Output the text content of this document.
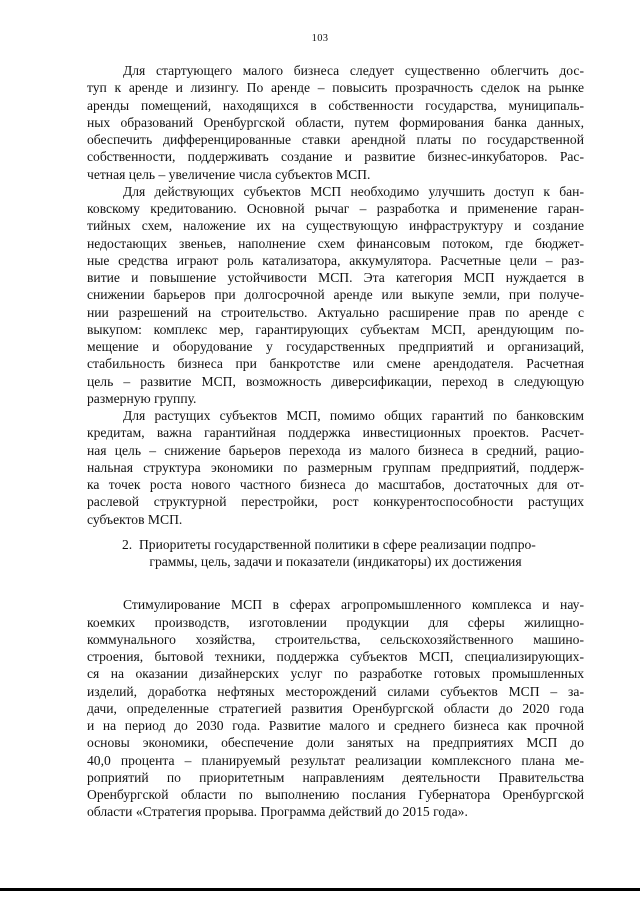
103
Для стартующего малого бизнеса следует существенно облегчить дос-
туп к аренде и лизингу. По аренде – повысить прозрачность сделок на рынке
аренды помещений, находящихся в собственности государства, муниципаль-
ных образований Оренбургской области, путем формирования банка данных,
обеспечить дифференцированные ставки арендной платы по государственной
собственности, поддерживать создание и развитие бизнес-инкубаторов. Рас-
четная цель – увеличение числа субъектов МСП.
Для действующих субъектов МСП необходимо улучшить доступ к бан-
ковскому кредитованию. Основной рычаг – разработка и применение гаран-
тийных схем, наложение их на существующую инфраструктуру и создание
недостающих звеньев, наполнение схем финансовым потоком, где бюджет-
ные средства играют роль катализатора, аккумулятора. Расчетные цели – раз-
витие и повышение устойчивости МСП. Эта категория МСП нуждается в
снижении барьеров при долгосрочной аренде или выкупе земли, при получе-
нии разрешений на строительство. Актуально расширение прав по аренде с
выкупом: комплекс мер, гарантирующих субъектам МСП, арендующим по-
мещение и оборудование у государственных предприятий и организаций,
стабильность бизнеса при банкротстве или смене арендодателя. Расчетная
цель – развитие МСП, возможность диверсификации, переход в следующую
размерную группу.
Для растущих субъектов МСП, помимо общих гарантий по банковским
кредитам, важна гарантийная поддержка инвестиционных проектов. Расчет-
ная цель – снижение барьеров перехода из малого бизнеса в средний, рацио-
нальная структура экономики по размерным группам предприятий, поддерж-
ка точек роста нового частного бизнеса до масштабов, достаточных для от-
раслевой структурной перестройки, рост конкурентоспособности растущих
субъектов МСП.
2.  Приоритеты государственной политики в сфере реализации подпро-
граммы, цель, задачи и показатели (индикаторы) их достижения
Стимулирование МСП в сферах агропромышленного комплекса и нау-
коемких производств, изготовлении продукции для сферы жилищно-
коммунального хозяйства, строительства, сельскохозяйственного машино-
строения, бытовой техники, поддержка субъектов МСП, специализирующих-
ся на оказании дизайнерских услуг по разработке готовых промышленных
изделий, доработка нефтяных месторождений силами субъектов МСП – за-
дачи, определенные стратегией развития Оренбургской области до 2020 года
и на период до 2030 года. Развитие малого и среднего бизнеса как прочной
основы экономики, обеспечение доли занятых на предприятиях МСП до
40,0 процента – планируемый результат реализации комплексного плана ме-
роприятий по приоритетным направлениям деятельности Правительства
Оренбургской области по выполнению послания Губернатора Оренбургской
области «Стратегия прорыва. Программа действий до 2015 года».
